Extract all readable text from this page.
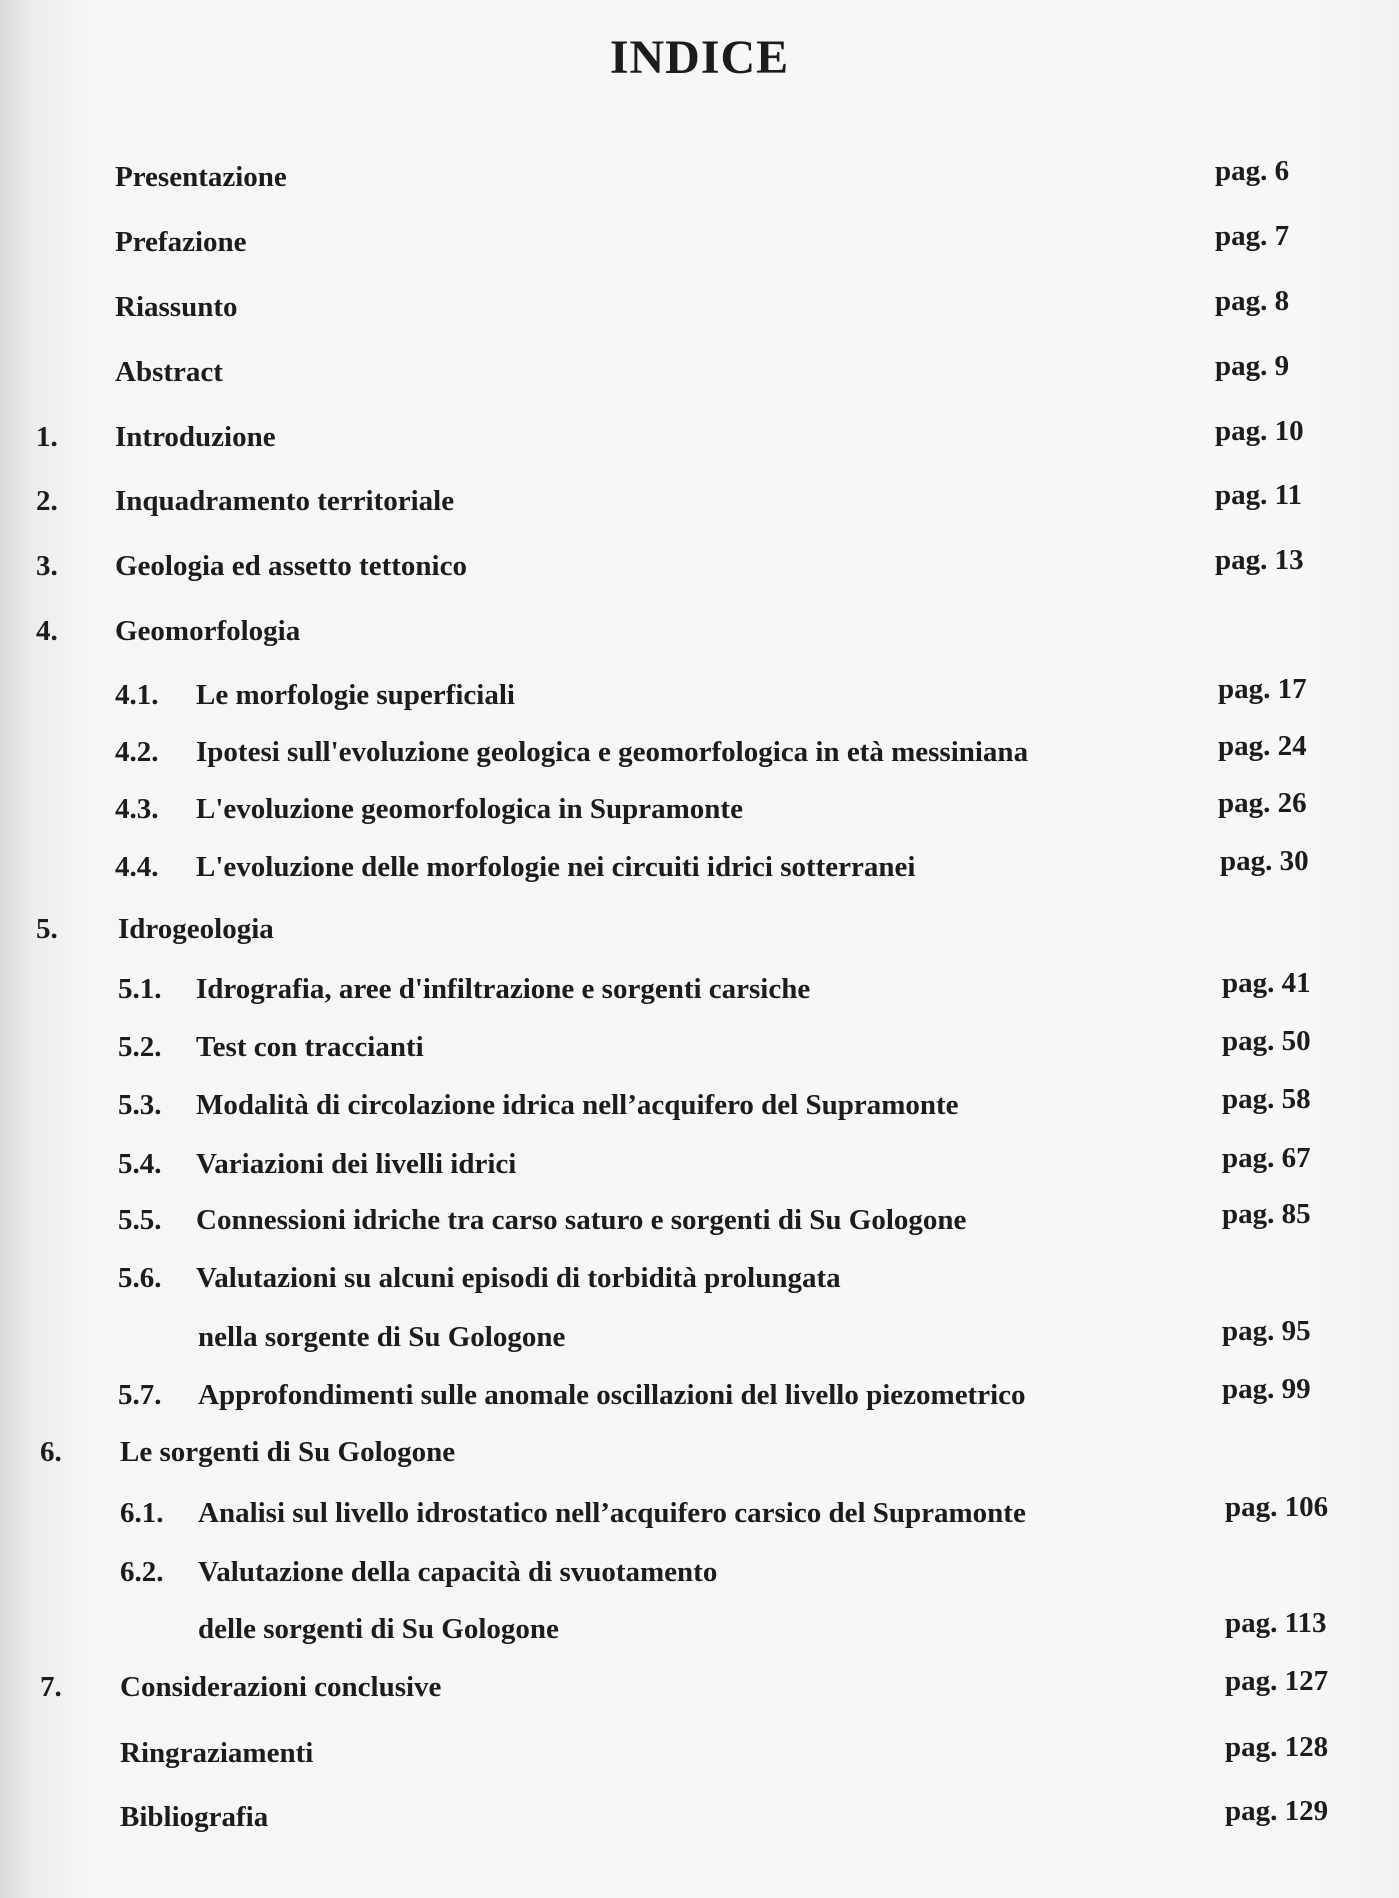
INDICE
Presentazione	pag. 6
Prefazione	pag. 7
Riassunto	pag. 8
Abstract	pag. 9
1. Introduzione	pag. 10
2. Inquadramento territoriale	pag. 11
3. Geologia ed assetto tettonico	pag. 13
4. Geomorfologia
4.1. Le morfologie superficiali	pag. 17
4.2. Ipotesi sull'evoluzione geologica e geomorfologica in età messiniana	pag. 24
4.3. L'evoluzione geomorfologica in Supramonte	pag. 26
4.4. L'evoluzione delle morfologie nei circuiti idrici sotterranei	pag. 30
5. Idrogeologia
5.1. Idrografia, aree d'infiltrazione e sorgenti carsiche	pag. 41
5.2. Test con traccianti	pag. 50
5.3. Modalità di circolazione idrica nell’acquifero del Supramonte	pag. 58
5.4. Variazioni dei livelli idrici	pag. 67
5.5. Connessioni idriche tra carso saturo e sorgenti di Su Gologone	pag. 85
5.6. Valutazioni su alcuni episodi di torbidità prolungata
nella sorgente di Su Gologone	pag. 95
5.7. Approfondimenti sulle anomale oscillazioni del livello piezometrico	pag. 99
6. Le sorgenti di Su Gologone
6.1. Analisi sul livello idrostatico nell’acquifero carsico del Supramonte	pag. 106
6.2. Valutazione della capacità di svuotamento
delle sorgenti di Su Gologone	pag. 113
7. Considerazioni conclusive	pag. 127
Ringraziamenti	pag. 128
Bibliografia	pag. 129
